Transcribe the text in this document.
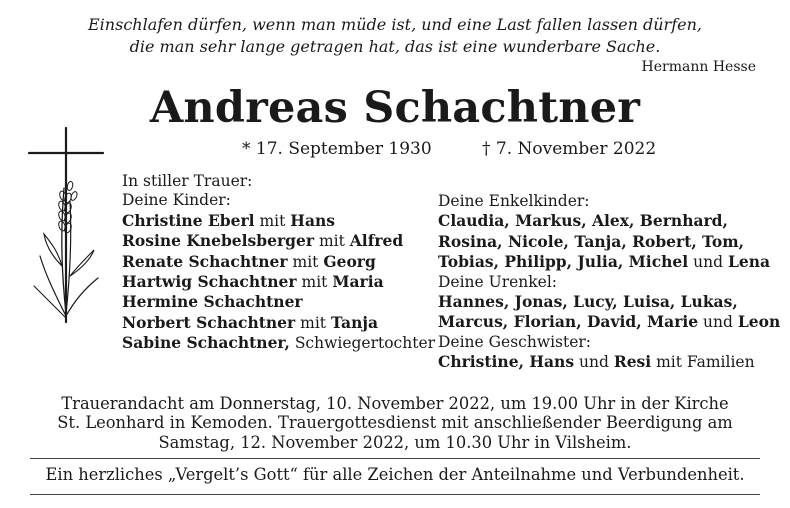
Einschlafen dürfen, wenn man müde ist, und eine Last fallen lassen dürfen,
die man sehr lange getragen hat, das ist eine wunderbare Sache.
Hermann Hesse
Andreas Schachtner
* 17. September 1930	† 7. November 2022
In stiller Trauer:
Deine Kinder:
Christine Eberl mit Hans
Rosine Knebelsberger mit Alfred
Renate Schachtner mit Georg
Hartwig Schachtner mit Maria
Hermine Schachtner
Norbert Schachtner mit Tanja
Sabine Schachtner, Schwiegertochter
Deine Enkelkinder:
Claudia, Markus, Alex, Bernhard,
Rosina, Nicole, Tanja, Robert, Tom,
Tobias, Philipp, Julia, Michel und Lena
Deine Urenkel:
Hannes, Jonas, Lucy, Luisa, Lukas,
Marcus, Florian, David, Marie und Leon
Deine Geschwister:
Christine, Hans und Resi mit Familien
Trauerandacht am Donnerstag, 10. November 2022, um 19.00 Uhr in der Kirche
St. Leonhard in Kemoden. Trauergottesdienst mit anschließender Beerdigung am
Samstag, 12. November 2022, um 10.30 Uhr in Vilsheim.
Ein herzliches „Vergelt’s Gott“ für alle Zeichen der Anteilnahme und Verbundenheit.
